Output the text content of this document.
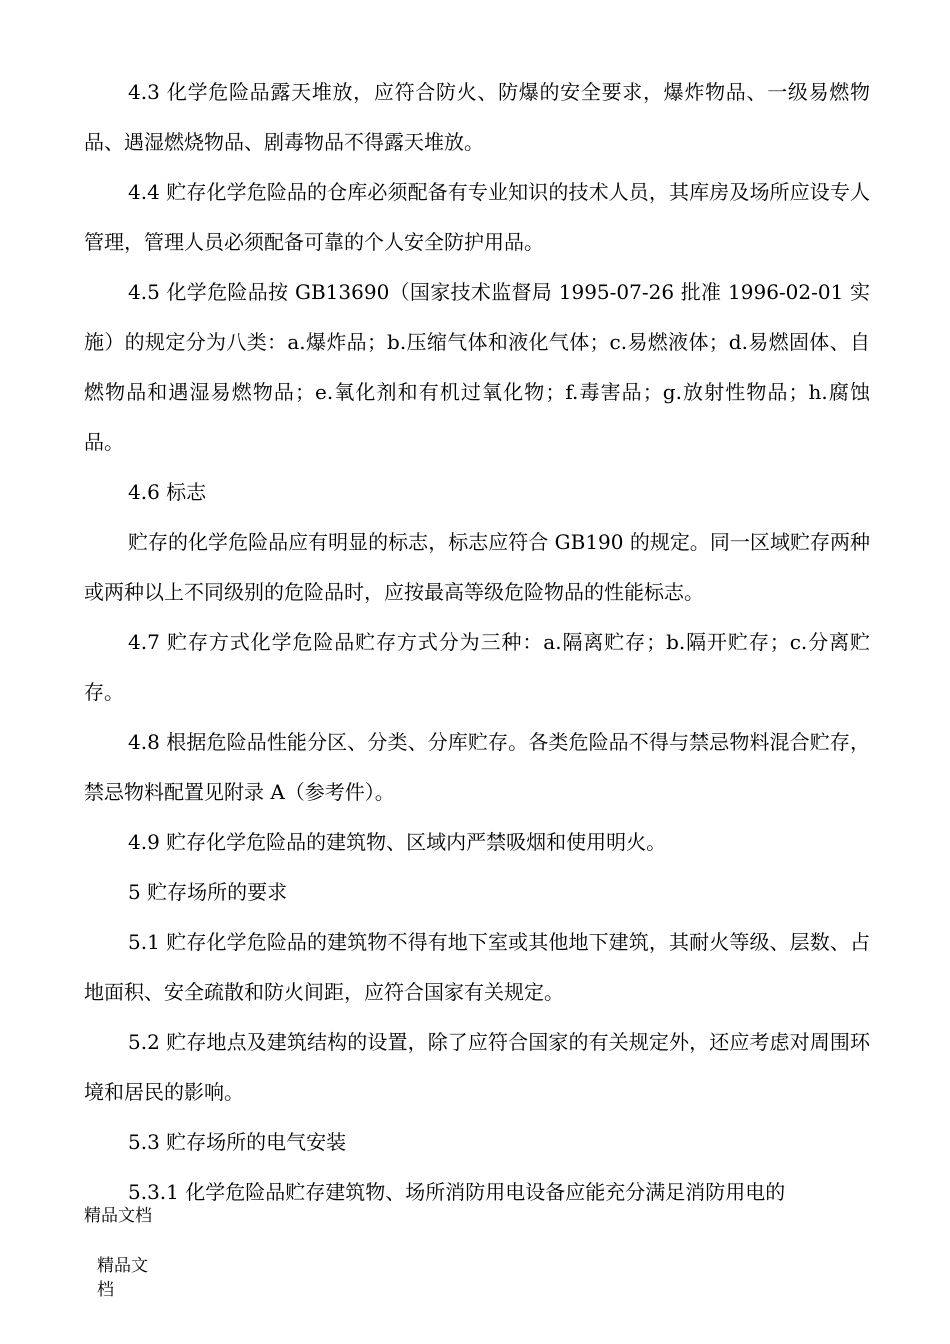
4.3 化学危险品露天堆放，应符合防火、防爆的安全要求，爆炸物品、一级易燃物品、遇湿燃烧物品、剧毒物品不得露天堆放。

4.4 贮存化学危险品的仓库必须配备有专业知识的技术人员，其库房及场所应设专人管理，管理人员必须配备可靠的个人安全防护用品。

4.5 化学危险品按 GB13690（国家技术监督局 1995-07-26 批准 1996-02-01 实施）的规定分为八类：a.爆炸品；b.压缩气体和液化气体；c.易燃液体；d.易燃固体、自燃物品和遇湿易燃物品；e.氧化剂和有机过氧化物；f.毒害品；g.放射性物品；h.腐蚀品。

4.6 标志

贮存的化学危险品应有明显的标志，标志应符合 GB190 的规定。同一区域贮存两种或两种以上不同级别的危险品时，应按最高等级危险物品的性能标志。

4.7 贮存方式化学危险品贮存方式分为三种：a.隔离贮存；b.隔开贮存；c.分离贮存。

4.8 根据危险品性能分区、分类、分库贮存。各类危险品不得与禁忌物料混合贮存，禁忌物料配置见附录 A（参考件）。

4.9 贮存化学危险品的建筑物、区域内严禁吸烟和使用明火。

5 贮存场所的要求

5.1 贮存化学危险品的建筑物不得有地下室或其他地下建筑，其耐火等级、层数、占地面积、安全疏散和防火间距，应符合国家有关规定。

5.2 贮存地点及建筑结构的设置，除了应符合国家的有关规定外，还应考虑对周围环境和居民的影响。

5.3 贮存场所的电气安装

5.3.1 化学危险品贮存建筑物、场所消防用电设备应能充分满足消防用电的

精品文档
精品文档
